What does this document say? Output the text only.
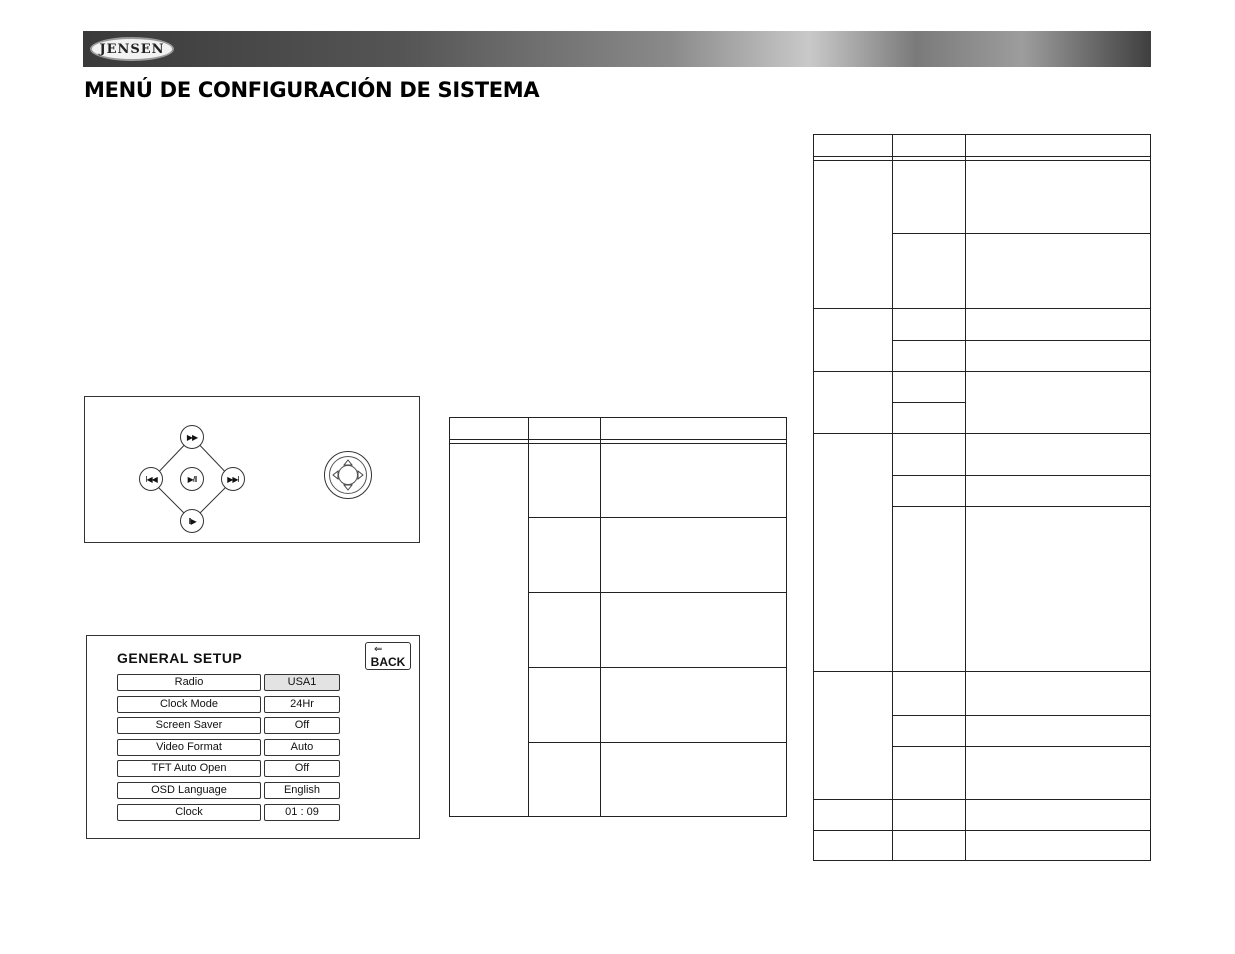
JENSEN
MENÚ DE CONFIGURACIÓN DE SISTEMA
▶▶
I◀◀	▶/II	▶▶I
II▶
GENERAL SETUP
⇐
BACK
Radio	USA1
Clock Mode	24Hr
Screen Saver	Off
Video Format	Auto
TFT Auto Open	Off
OSD Language	English
Clock	01 : 09
